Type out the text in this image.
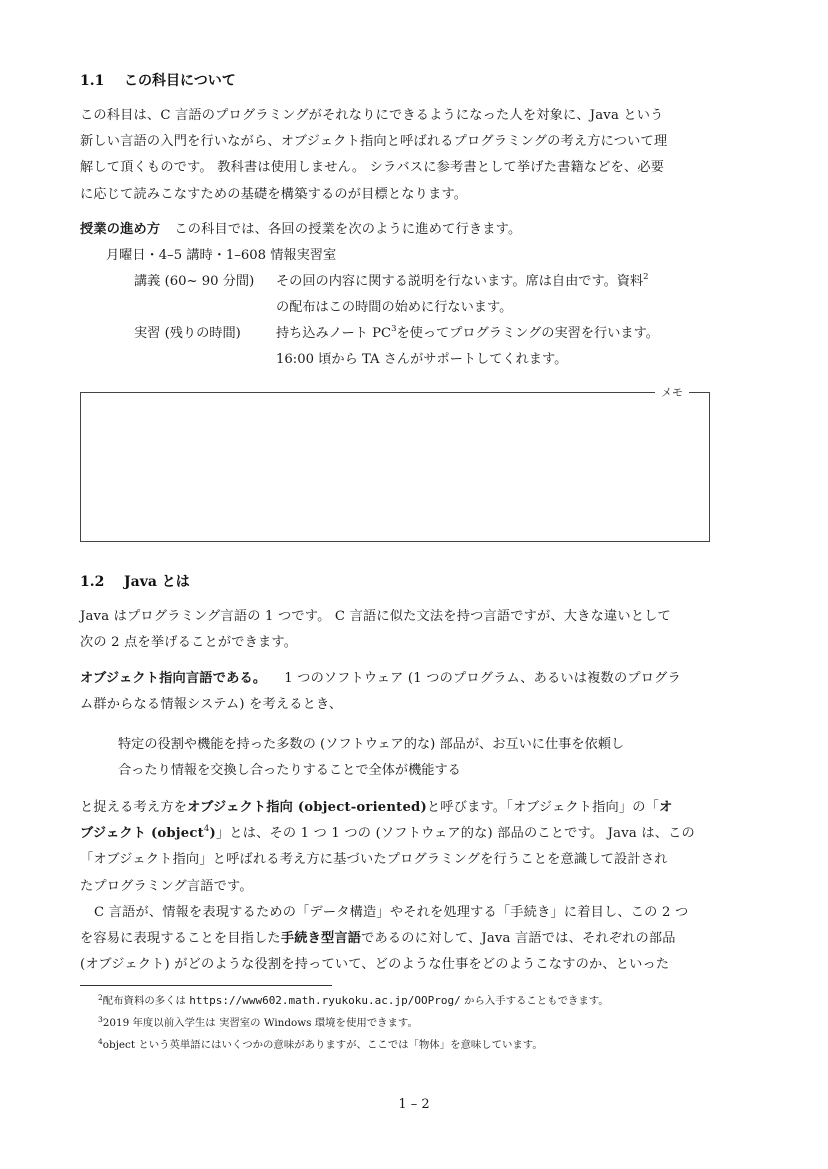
1.1 この科目について
この科目は、C 言語のプログラミングがそれなりにできるようになった人を対象に、Java という
新しい言語の入門を行いながら、オブジェクト指向と呼ばれるプログラミングの考え方について理
解して頂くものです。 教科書は使用しません。 シラバスに参考書として挙げた書籍などを、必要
に応じて読みこなすための基礎を構築するのが目標となります。
授業の進め方 この科目では、各回の授業を次のように進めて行きます。
月曜日・4–5 講時・1–608 情報実習室
講義 (60~ 90 分間) その回の内容に関する説明を行ないます。席は自由です。資料$^2$
の配布はこの時間の始めに行ないます。
実習 (残りの時間)	持ち込みノート $PC^3$を使ってプログラミングの実習を行います。
16:00 頃から TA さんがサポートしてくれます。
メモ
1.2 Java とは
Java はプログラミング言語の 1 つです。 C 言語に似た文法を持つ言語ですが、大きな違いとして
次の 2 点を挙げることができます。
オブジェクト指向言語である。 1 つのソフトウェア (1 つのプログラム、あるいは複数のプログラ
ム群からなる情報システム) を考えるとき、
特定の役割や機能を持った多数の (ソフトウェア的な) 部品が、お互いに仕事を依頼し
合ったり情報を交換し合ったりすることで全体が機能する
と捉える考え方をオブジェクト指向 (object-oriented)と呼びます。「オブジェクト指向」の「オ
ブジェクト (object$^4$)」とは、その 1 つ 1 つの (ソフトウェア的な) 部品のことです。 Java は、この
「オブジェクト指向」と呼ばれる考え方に基づいたプログラミングを行うことを意識して設計され
たプログラミング言語です。
C 言語が、情報を表現するための「データ構造」やそれを処理する「手続き」に着目し、この 2 つ
を容易に表現することを目指した手続き型言語であるのに対して、Java 言語では、それぞれの部品
(オブジェクト) がどのような役割を持っていて、どのような仕事をどのようこなすのか、といった
$^2$配布資料の多くは https://www602.math.ryukoku.ac.jp/OOProg/ から入手することもできます。
$^3$2019 年度以前入学生は 実習室の Windows 環境を使用できます。
$^4$object という英単語にはいくつかの意味がありますが、ここでは「物体」を意味しています。
1 – 2
